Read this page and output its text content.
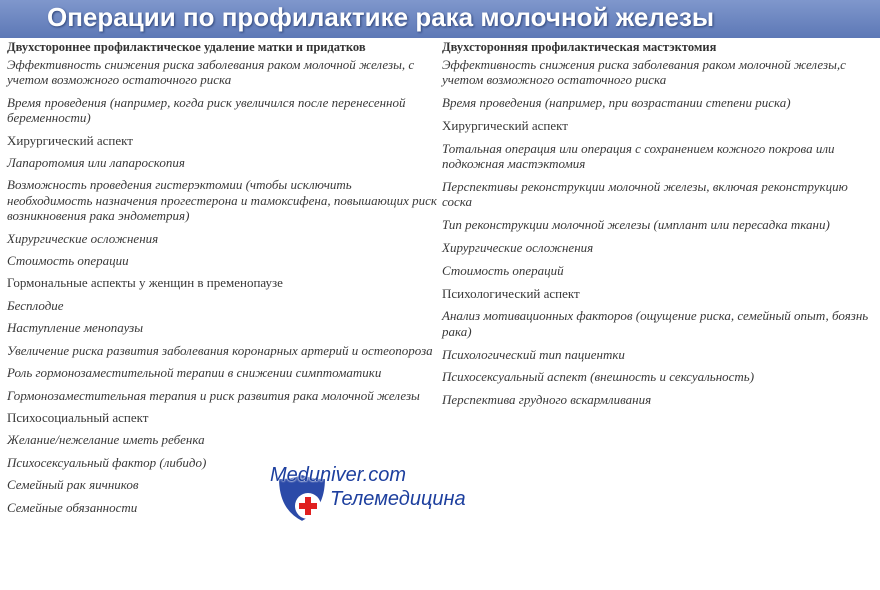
Операции по профилактике рака молочной железы
Двухстороннее профилактическое удаление матки и придатков
Эффективность снижения риска заболевания раком молочной железы, с учетом возможного остаточного риска
Время проведения (например, когда риск увеличился после перенесенной беременности)
Хирургический аспект
Лапаротомия или лапароскопия
Возможность проведения гистерэктомии (чтобы исключить необходимость назначения прогестерона и тамоксифена, повышающих риск возникновения рака эндометрия)
Хирургические осложнения
Стоимость операции
Гормональные аспекты у женщин в пременопаузе
Бесплодие
Наступление менопаузы
Увеличение риска развития заболевания коронарных артерий и остеопороза
Роль гормонозаместительной терапии в снижении симптоматики
Гормонозаместительная терапия и риск развития рака молочной железы
Психосоциальный аспект
Желание/нежелание иметь ребенка
Психосексуальный фактор (либидо)
Семейный рак яичников
Семейные обязанности
Двухсторонняя профилактическая мастэктомия
Эффективность снижения риска заболевания раком молочной железы,с учетом возможного остаточного риска
Время проведения (например, при возрастании степени риска)
Хирургический аспект
Тотальная операция или операция с сохранением кожного покрова или подкожная мастэктомия
Перспективы реконструкции молочной железы, включая реконструкцию соска
Тип реконструкции молочной железы (имплант или пересадка ткани)
Хирургические осложнения
Стоимость операций
Психологический аспект
Анализ мотивационных факторов (ощущение риска, семейный опыт, боязнь рака)
Психологический тип пациентки
Психосексуальный аспект (внешность и сексуальность)
Перспектива грудного вскармливания
Meduniver.com
Телемедицина
